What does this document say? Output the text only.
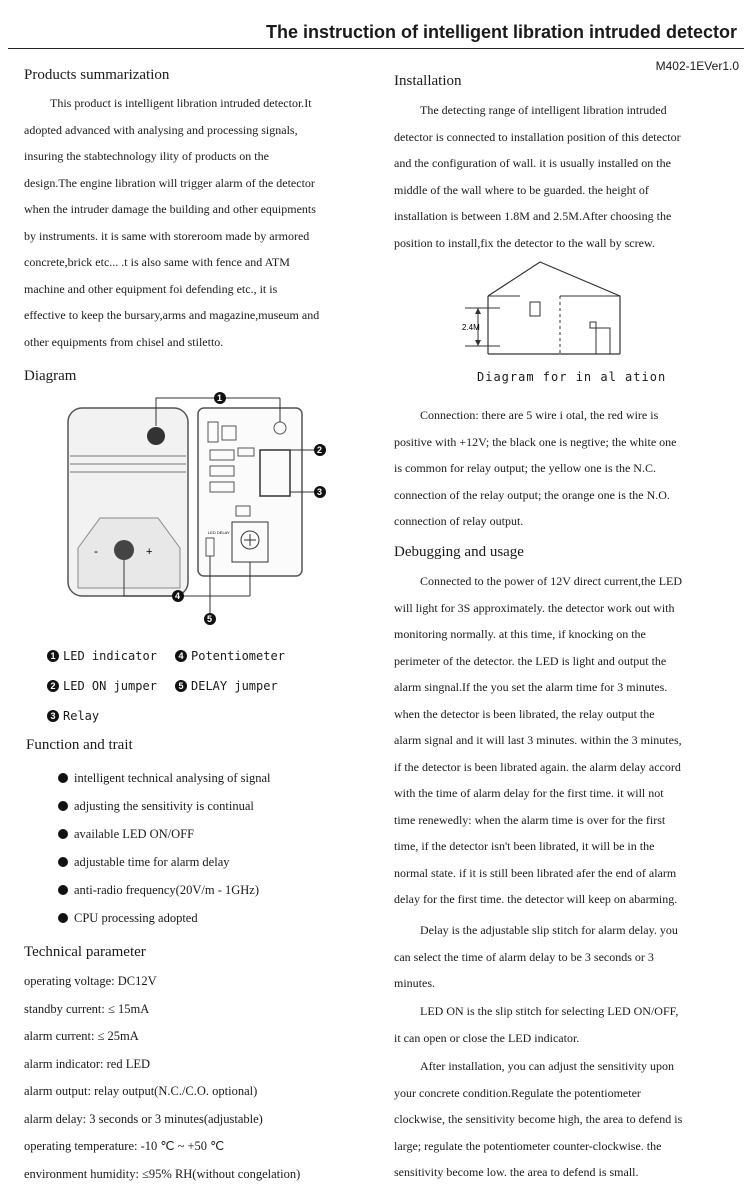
The instruction of intelligent libration intruded detector
M402-1EVer1.0
Products summarization
This product is intelligent libration intruded detector.It
adopted advanced with analysing and processing signals,
insuring the stabtechnology ility of products on the
design.The engine libration will trigger alarm of the detector
when the intruder damage the building and other equipments
by instruments. it is same with storeroom made by armored
concrete,brick etc... .t is also same with fence and ATM
machine and other equipment foi defending etc., it is
effective to keep the bursary,arms and magazine,museum and
other equipments from chisel and stiletto.
Diagram
-	+
LED DELAY
1
2
3
4
5
1 LED indicator	4 Potentiometer
2 LED ON jumper	5 DELAY jumper
3 Relay
Function and trait
intelligent technical analysing of signal
adjusting the sensitivity is continual
available LED ON/OFF
adjustable time for alarm delay
anti-radio frequency(20V/m - 1GHz)
CPU processing adopted
Technical parameter
operating voltage: DC12V
standby current: ≤ 15mA
alarm current: ≤ 25mA
alarm indicator: red LED
alarm output: relay output(N.C./C.O. optional)
alarm delay: 3 seconds or 3 minutes(adjustable)
operating temperature: -10 ℃ ~ +50 ℃
environment humidity: ≤95% RH(without congelation)
Installation
The detecting range of intelligent libration intruded
detector is connected to installation position of this detector
and the configuration of wall. it is usually installed on the
middle of the wall where to be guarded. the height of
installation is between 1.8M and 2.5M.After choosing the
position to install,fix the detector to the wall by screw.
2.4M
Diagram for in al ation
Connection: there are 5 wire i otal, the red wire is
positive with +12V; the black one is negtive; the white one
is common for relay output; the yellow one is the N.C.
connection of the relay output; the orange one is the N.O.
connection of relay output.
Debugging and usage
Connected to the power of 12V direct current,the LED
will light for 3S approximately. the detector work out with
monitoring normally. at this time, if knocking on the
perimeter of the detector. the LED is light and output the
alarm singnal.If the you set the alarm time for 3 minutes.
when the detector is been librated, the relay output the
alarm signal and it will last 3 minutes. within the 3 minutes,
if the detector is been librated again. the alarm delay accord
with the time of alarm delay for the first time. it will not
time renewedly: when the alarm time is over for the first
time, if the detector isn't been librated, it will be in the
normal state. if it is still been librated afer the end of alarm
delay for the first time. the detector will keep on abarming.
Delay is the adjustable slip stitch for alarm delay. you
can select the time of alarm delay to be 3 seconds or 3
minutes.
LED ON is the slip stitch for selecting LED ON/OFF,
it can open or close the LED indicator.
After installation, you can adjust the sensitivity upon
your concrete condition.Regulate the potentiometer
clockwise, the sensitivity become high, the area to defend is
large; regulate the potentiometer counter-clockwise. the
sensitivity become low. the area to defend is small.
